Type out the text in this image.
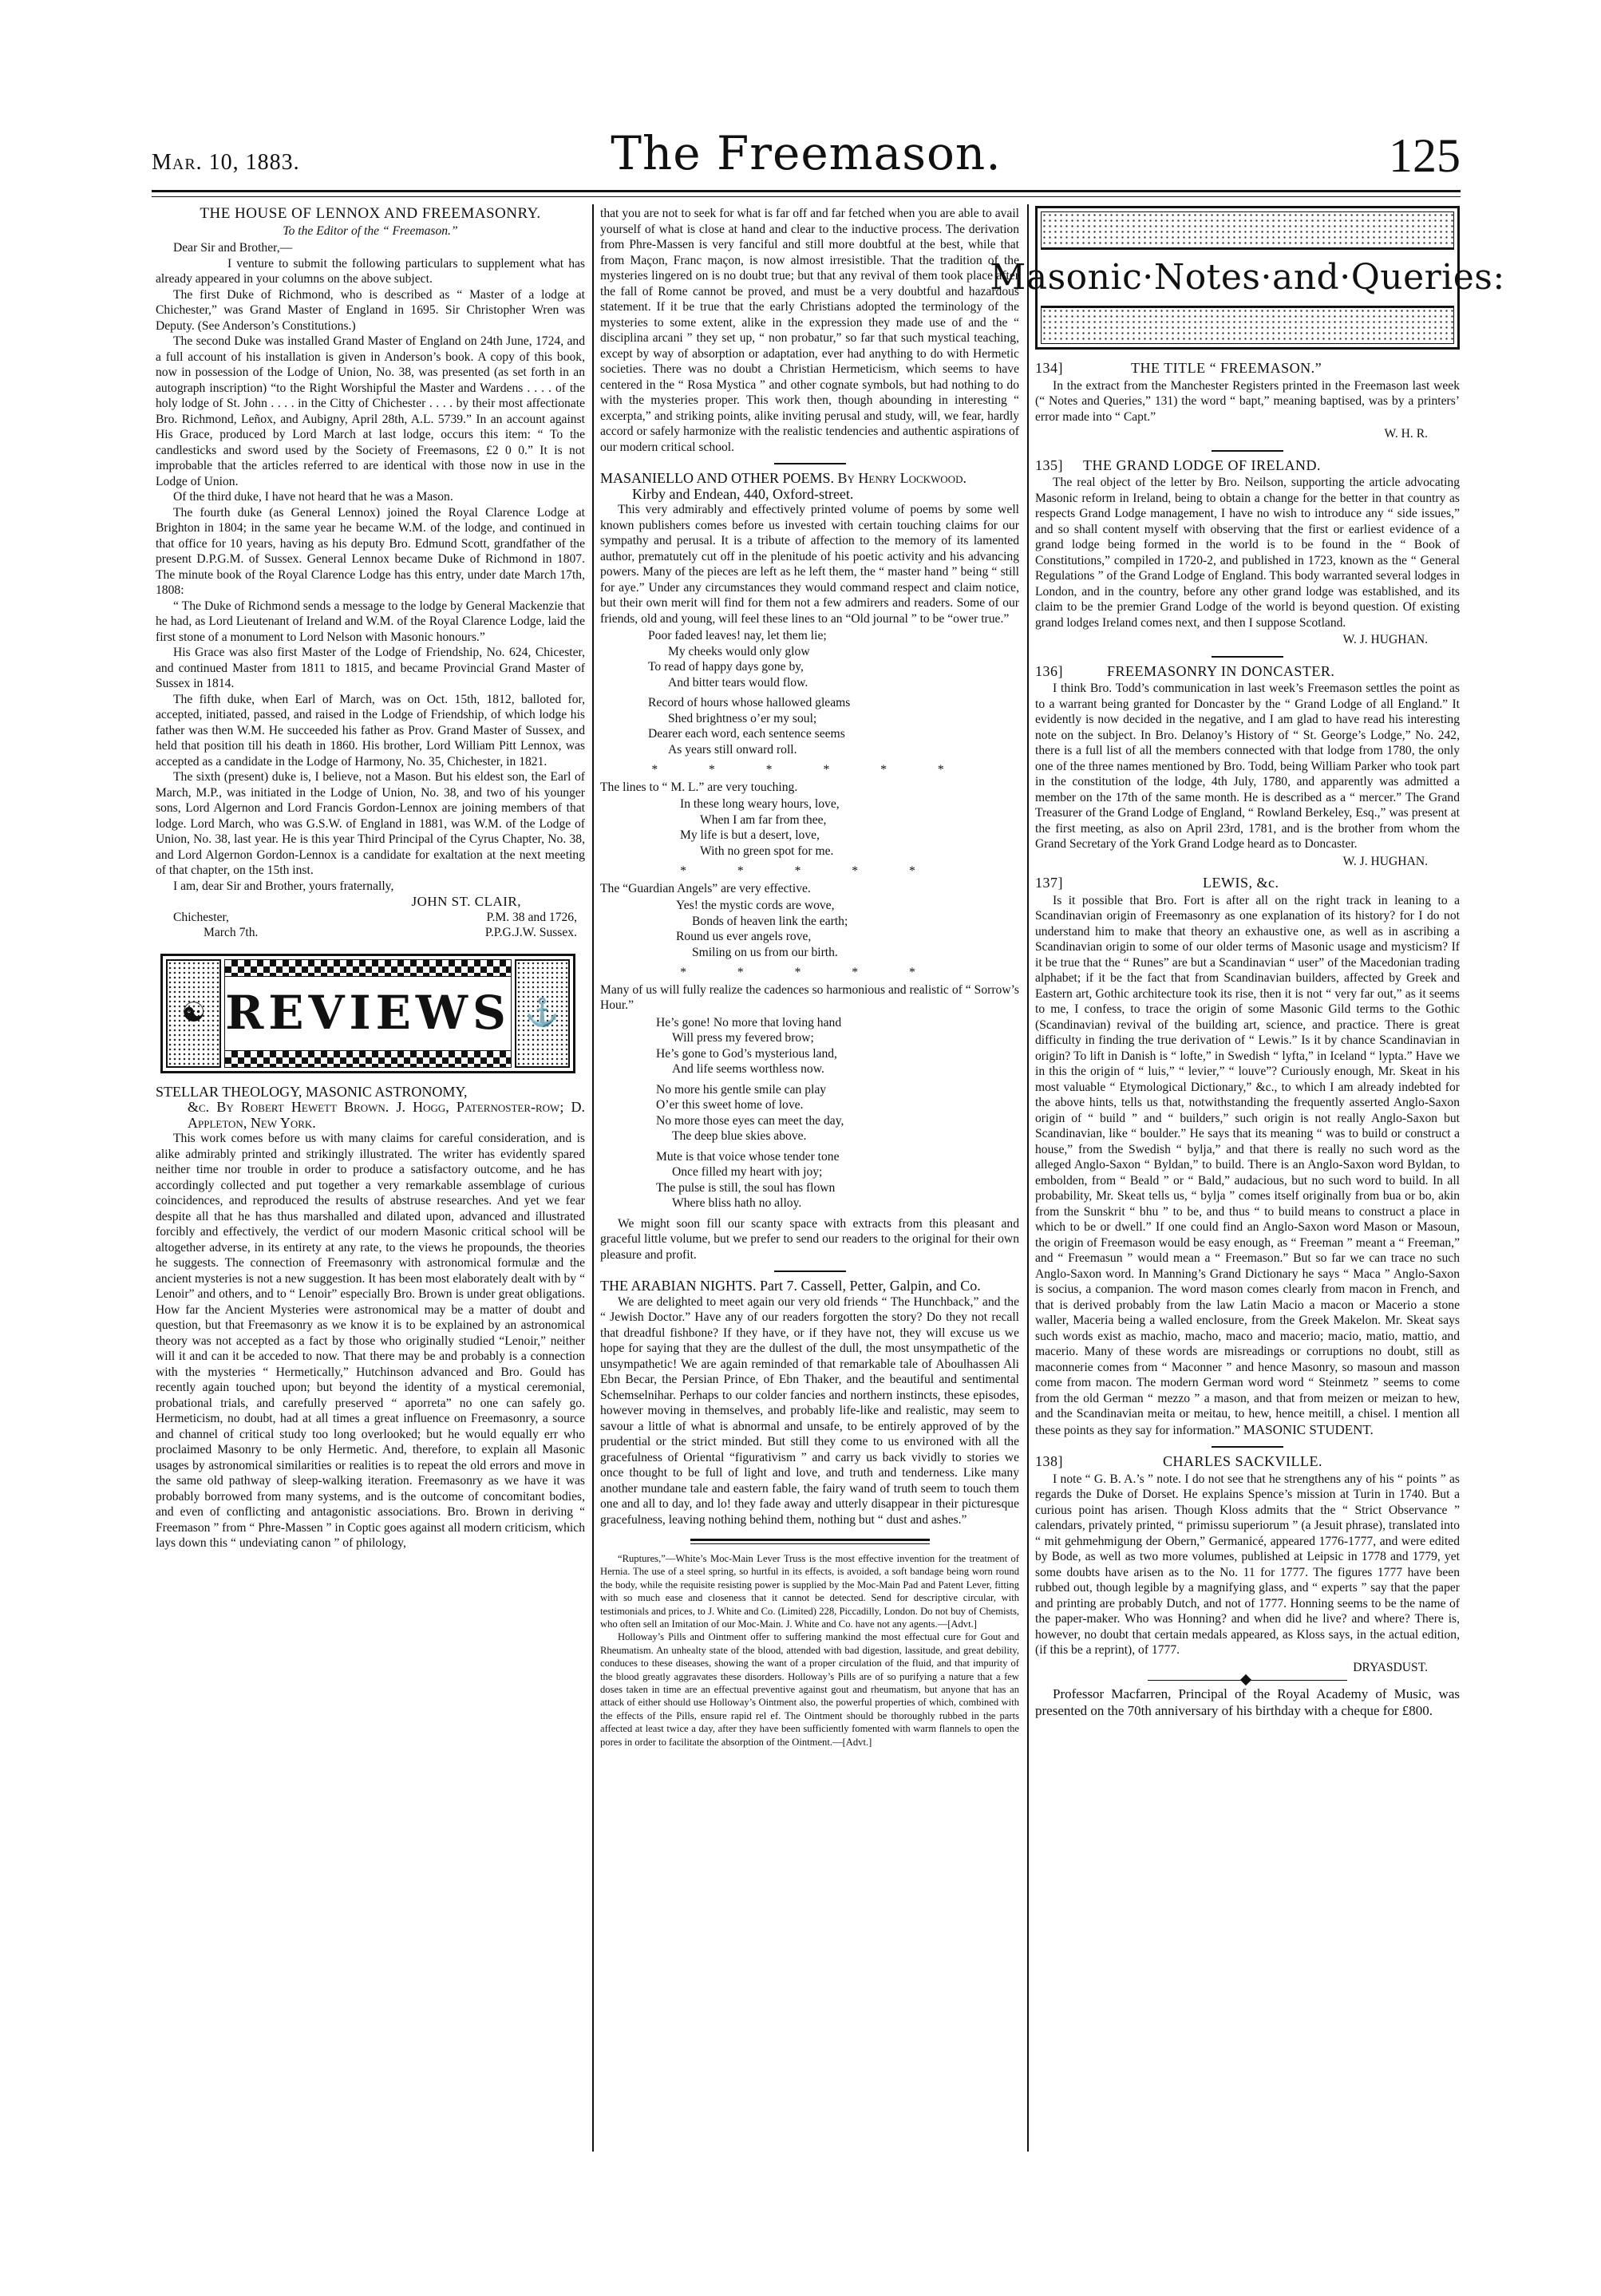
Mar. 10, 1883.	The Freemason.	125
THE HOUSE OF LENNOX AND FREEMASONRY.
To the Editor of the “ Freemason.”
Dear Sir and Brother,—

I venture to submit the following particulars to supplement what has already appeared in your columns on the above subject.

The first Duke of Richmond, who is described as “ Master of a lodge at Chichester,” was Grand Master of England in 1695. Sir Christopher Wren was Deputy. (See Anderson’s Constitutions.)

The second Duke was installed Grand Master of England on 24th June, 1724, and a full account of his installation is given in Anderson’s book. A copy of this book, now in possession of the Lodge of Union, No. 38, was presented (as set forth in an autograph inscription) “to the Right Worshipful the Master and Wardens . . . . of the holy lodge of St. John . . . . in the Citty of Chichester . . . . by their most affectionate Bro. Richmond, Leñox, and Aubigny, April 28th, A.L. 5739.” In an account against His Grace, produced by Lord March at last lodge, occurs this item: “ To the candlesticks and sword used by the Society of Freemasons, £2 0 0.” It is not improbable that the articles referred to are identical with those now in use in the Lodge of Union.

Of the third duke, I have not heard that he was a Mason.

The fourth duke (as General Lennox) joined the Royal Clarence Lodge at Brighton in 1804; in the same year he became W.M. of the lodge, and continued in that office for 10 years, having as his deputy Bro. Edmund Scott, grandfather of the present D.P.G.M. of Sussex. General Lennox became Duke of Richmond in 1807. The minute book of the Royal Clarence Lodge has this entry, under date March 17th, 1808:

“ The Duke of Richmond sends a message to the lodge by General Mackenzie that he had, as Lord Lieutenant of Ireland and W.M. of the Royal Clarence Lodge, laid the first stone of a monument to Lord Nelson with Masonic honours.”

His Grace was also first Master of the Lodge of Friendship, No. 624, Chicester, and continued Master from 1811 to 1815, and became Provincial Grand Master of Sussex in 1814.

The fifth duke, when Earl of March, was on Oct. 15th, 1812, balloted for, accepted, initiated, passed, and raised in the Lodge of Friendship, of which lodge his father was then W.M. He succeeded his father as Prov. Grand Master of Sussex, and held that position till his death in 1860. His brother, Lord William Pitt Lennox, was accepted as a candidate in the Lodge of Harmony, No. 35, Chichester, in 1821.

The sixth (present) duke is, I believe, not a Mason. But his eldest son, the Earl of March, M.P., was initiated in the Lodge of Union, No. 38, and two of his younger sons, Lord Algernon and Lord Francis Gordon-Lennox are joining members of that lodge. Lord March, who was G.S.W. of England in 1881, was W.M. of the Lodge of Union, No. 38, last year. He is this year Third Principal of the Cyrus Chapter, No. 38, and Lord Algernon Gordon-Lennox is a candidate for exaltation at the next meeting of that chapter, on the 15th inst.

I am, dear Sir and Brother, yours fraternally,

JOHN ST. CLAIR,
Chichester,	P.M. 38 and 1726,
March 7th.	P.P.G.J.W. Sussex.
☯ REVIEWS ⚓

STELLAR THEOLOGY, MASONIC ASTRONOMY,
&c. By Robert Hewett Brown. J. Hogg, Paternoster-row; D. Appleton, New York.

This work comes before us with many claims for careful consideration, and is alike admirably printed and strikingly illustrated. The writer has evidently spared neither time nor trouble in order to produce a satisfactory outcome, and he has accordingly collected and put together a very remarkable assemblage of curious coincidences, and reproduced the results of abstruse researches. And yet we fear despite all that he has thus marshalled and dilated upon, advanced and illustrated forcibly and effectively, the verdict of our modern Masonic critical school will be altogether adverse, in its entirety at any rate, to the views he propounds, the theories he suggests. The connection of Freemasonry with astronomical formulæ and the ancient mysteries is not a new suggestion. It has been most elaborately dealt with by “ Lenoir” and others, and to “ Lenoir” especially Bro. Brown is under great obligations. How far the Ancient Mysteries were astronomical may be a matter of doubt and question, but that Freemasonry as we know it is to be explained by an astronomical theory was not accepted as a fact by those who originally studied “Lenoir,” neither will it and can it be acceded to now. That there may be and probably is a connection with the mysteries “ Hermetically,” Hutchinson advanced and Bro. Gould has recently again touched upon; but beyond the identity of a mystical ceremonial, probational trials, and carefully preserved “ aporreta” no one can safely go. Hermeticism, no doubt, had at all times a great influence on Freemasonry, a source and channel of critical study too long overlooked; but he would equally err who proclaimed Masonry to be only Hermetic. And, therefore, to explain all Masonic usages by astronomical similarities or realities is to repeat the old errors and move in the same old pathway of sleep-walking iteration. Freemasonry as we have it was probably borrowed from many systems, and is the outcome of concomitant bodies, and even of conflicting and antagonistic associations. Bro. Brown in deriving “ Freemason ” from “ Phre-Massen ” in Coptic goes against all modern criticism, which lays down this “ undeviating canon ” of philology,

that you are not to seek for what is far off and far fetched when you are able to avail yourself of what is close at hand and clear to the inductive process. The derivation from Phre-Massen is very fanciful and still more doubtful at the best, while that from Maçon, Franc maçon, is now almost irresistible. That the tradition of the mysteries lingered on is no doubt true; but that any revival of them took place after the fall of Rome cannot be proved, and must be a very doubtful and hazardous statement. If it be true that the early Christians adopted the terminology of the mysteries to some extent, alike in the expression they made use of and the “ disciplina arcani ” they set up, “ non probatur,” so far that such mystical teaching, except by way of absorption or adaptation, ever had anything to do with Hermetic societies. There was no doubt a Christian Hermeticism, which seems to have centered in the “ Rosa Mystica ” and other cognate symbols, but had nothing to do with the mysteries proper. This work then, though abounding in interesting “ excerpta,” and striking points, alike inviting perusal and study, will, we fear, hardly accord or safely harmonize with the realistic tendencies and authentic aspirations of our modern critical school.

MASANIELLO AND OTHER POEMS. By Henry Lockwood.
Kirby and Endean, 440, Oxford-street.

This very admirably and effectively printed volume of poems by some well known publishers comes before us invested with certain touching claims for our sympathy and perusal. It is a tribute of affection to the memory of its lamented author, prematutely cut off in the plenitude of his poetic activity and his advancing powers. Many of the pieces are left as he left them, the “ master hand ” being “ still for aye.” Under any circumstances they would command respect and claim notice, but their own merit will find for them not a few admirers and readers. Some of our friends, old and young, will feel these lines to an “Old journal ” to be “ower true.”

Poor faded leaves! nay, let them lie;
My cheeks would only glow
To read of happy days gone by,
And bitter tears would flow.
Record of hours whose hallowed gleams
Shed brightness o’er my soul;
Dearer each word, each sentence seems
As years still onward roll.
* * * * * *

The lines to “ M. L.” are very touching.

In these long weary hours, love,
When I am far from thee,
My life is but a desert, love,
With no green spot for me.
* * * * *

The “Guardian Angels” are very effective.

Yes! the mystic cords are wove,
Bonds of heaven link the earth;
Round us ever angels rove,
Smiling on us from our birth.
* * * * *

Many of us will fully realize the cadences so harmonious and realistic of “ Sorrow’s Hour.”

He’s gone! No more that loving hand
Will press my fevered brow;
He’s gone to God’s mysterious land,
And life seems worthless now.
No more his gentle smile can play
O’er this sweet home of love.
No more those eyes can meet the day,
The deep blue skies above.
Mute is that voice whose tender tone
Once filled my heart with joy;
The pulse is still, the soul has flown
Where bliss hath no alloy.

We might soon fill our scanty space with extracts from this pleasant and graceful little volume, but we prefer to send our readers to the original for their own pleasure and profit.

THE ARABIAN NIGHTS. Part 7. Cassell, Petter, Galpin, and Co.

We are delighted to meet again our very old friends “ The Hunchback,” and the “ Jewish Doctor.” Have any of our readers forgotten the story? Do they not recall that dreadful fishbone? If they have, or if they have not, they will excuse us we hope for saying that they are the dullest of the dull, the most unsympathetic of the unsympathetic! We are again reminded of that remarkable tale of Aboulhassen Ali Ebn Becar, the Persian Prince, of Ebn Thaker, and the beautiful and sentimental Schemselnihar. Perhaps to our colder fancies and northern instincts, these episodes, however moving in themselves, and probably life-like and realistic, may seem to savour a little of what is abnormal and unsafe, to be entirely approved of by the prudential or the strict minded. But still they come to us environed with all the gracefulness of Oriental “figurativism ” and carry us back vividly to stories we once thought to be full of light and love, and truth and tenderness. Like many another mundane tale and eastern fable, the fairy wand of truth seem to touch them one and all to day, and lo! they fade away and utterly disappear in their picturesque gracefulness, leaving nothing behind them, nothing but “ dust and ashes.”

“Ruptures,”—White’s Moc-Main Lever Truss is the most effective invention for the treatment of Hernia. The use of a steel spring, so hurtful in its effects, is avoided, a soft bandage being worn round the body, while the requisite resisting power is supplied by the Moc-Main Pad and Patent Lever, fitting with so much ease and closeness that it cannot be detected. Send for descriptive circular, with testimonials and prices, to J. White and Co. (Limited) 228, Piccadilly, London. Do not buy of Chemists, who often sell an Imitation of our Moc-Main. J. White and Co. have not any agents.—[Advt.]

Holloway’s Pills and Ointment offer to suffering mankind the most effectual cure for Gout and Rheumatism. An unhealty state of the blood, attended with bad digestion, lassitude, and great debility, conduces to these diseases, showing the want of a proper circulation of the fluid, and that impurity of the blood greatly aggravates these disorders. Holloway’s Pills are of so purifying a nature that a few doses taken in time are an effectual preventive against gout and rheumatism, but anyone that has an attack of either should use Holloway’s Ointment also, the powerful properties of which, combined with the effects of the Pills, ensure rapid rel ef. The Ointment should be thoroughly rubbed in the parts affected at least twice a day, after they have been sufficiently fomented with warm flannels to open the pores in order to facilitate the absorption of the Ointment.—[Advt.]

Masonic·Notes·and·Queries:
134]	THE TITLE “ FREEMASON.”

In the extract from the Manchester Registers printed in the Freemason last week (“ Notes and Queries,” 131) the word “ bapt,” meaning baptised, was by a printers’ error made into “ Capt.”

W. H. R.
135] THE GRAND LODGE OF IRELAND.

The real object of the letter by Bro. Neilson, supporting the article advocating Masonic reform in Ireland, being to obtain a change for the better in that country as respects Grand Lodge management, I have no wish to introduce any “ side issues,” and so shall content myself with observing that the first or earliest evidence of a grand lodge being formed in the world is to be found in the “ Book of Constitutions,” compiled in 1720-2, and published in 1723, known as the “ General Regulations ” of the Grand Lodge of England. This body warranted several lodges in London, and in the country, before any other grand lodge was established, and its claim to be the premier Grand Lodge of the world is beyond question. Of existing grand lodges Ireland comes next, and then I suppose Scotland.

W. J. HUGHAN.
136]	FREEMASONRY IN DONCASTER.

I think Bro. Todd’s communication in last week’s Freemason settles the point as to a warrant being granted for Doncaster by the “ Grand Lodge of all England.” It evidently is now decided in the negative, and I am glad to have read his interesting note on the subject. In Bro. Delanoy’s History of “ St. George’s Lodge,” No. 242, there is a full list of all the members connected with that lodge from 1780, the only one of the three names mentioned by Bro. Todd, being William Parker who took part in the constitution of the lodge, 4th July, 1780, and apparently was admitted a member on the 17th of the same month. He is described as a “ mercer.” The Grand Treasurer of the Grand Lodge of England, “ Rowland Berkeley, Esq.,” was present at the first meeting, as also on April 23rd, 1781, and is the brother from whom the Grand Secretary of the York Grand Lodge heard as to Doncaster.

W. J. HUGHAN.
137]	LEWIS, &c.

Is it possible that Bro. Fort is after all on the right track in leaning to a Scandinavian origin of Freemasonry as one explanation of its history? for I do not understand him to make that theory an exhaustive one, as well as in ascribing a Scandinavian origin to some of our older terms of Masonic usage and mysticism? If it be true that the “ Runes” are but a Scandinavian “ user” of the Macedonian trading alphabet; if it be the fact that from Scandinavian builders, affected by Greek and Eastern art, Gothic architecture took its rise, then it is not “ very far out,” as it seems to me, I confess, to trace the origin of some Masonic Gild terms to the Gothic (Scandinavian) revival of the building art, science, and practice. There is great difficulty in finding the true derivation of “ Lewis.” Is it by chance Scandinavian in origin? To lift in Danish is “ lofte,” in Swedish “ lyfta,” in Iceland “ lypta.” Have we in this the origin of “ luis,” “ levier,” “ louve”? Curiously enough, Mr. Skeat in his most valuable “ Etymological Dictionary,” &c., to which I am already indebted for the above hints, tells us that, notwithstanding the frequently asserted Anglo-Saxon origin of “ build ” and “ builders,” such origin is not really Anglo-Saxon but Scandinavian, like “ boulder.” He says that its meaning “ was to build or construct a house,” from the Swedish “ bylja,” and that there is really no such word as the alleged Anglo-Saxon “ Byldan,” to build. There is an Anglo-Saxon word Byldan, to embolden, from “ Beald ” or “ Bald,” audacious, but no such word to build. In all probability, Mr. Skeat tells us, “ bylja ” comes itself originally from bua or bo, akin from the Sunskrit “ bhu ” to be, and thus “ to build means to construct a place in which to be or dwell.” If one could find an Anglo-Saxon word Mason or Masoun, the origin of Freemason would be easy enough, as “ Freeman ” meant a “ Freeman,” and “ Freemasun ” would mean a “ Freemason.” But so far we can trace no such Anglo-Saxon word. In Manning’s Grand Dictionary he says “ Maca ” Anglo-Saxon is socius, a companion. The word mason comes clearly from macon in French, and that is derived probably from the law Latin Macio a macon or Macerio a stone waller, Maceria being a walled enclosure, from the Greek Makelon. Mr. Skeat says such words exist as machio, macho, maco and macerio; macio, matio, mattio, and macerio. Many of these words are misreadings or corruptions no doubt, still as maconnerie comes from “ Maconner ” and hence Masonry, so masoun and masson come from macon. The modern German word word “ Steinmetz ” seems to come from the old German “ mezzo ” a mason, and that from meizen or meizan to hew, and the Scandinavian meita or meitau, to hew, hence meitill, a chisel. I mention all these points as they say for information.” MASONIC STUDENT.

138]	CHARLES SACKVILLE.

I note “ G. B. A.’s ” note. I do not see that he strengthens any of his “ points ” as regards the Duke of Dorset. He explains Spence’s mission at Turin in 1740. But a curious point has arisen. Though Kloss admits that the “ Strict Observance ” calendars, privately printed, “ primissu superiorum ” (a Jesuit phrase), translated into “ mit gehmehmigung der Obern,” Germanicé, appeared 1776-1777, and were edited by Bode, as well as two more volumes, published at Leipsic in 1778 and 1779, yet some doubts have arisen as to the No. 11 for 1777. The figures 1777 have been rubbed out, though legible by a magnifying glass, and “ experts ” say that the paper and printing are probably Dutch, and not of 1777. Honning seems to be the name of the paper-maker. Who was Honning? and when did he live? and where? There is, however, no doubt that certain medals appeared, as Kloss says, in the actual edition, (if this be a reprint), of 1777.

DRYASDUST.

Professor Macfarren, Principal of the Royal Academy of Music, was presented on the 70th anniversary of his birthday with a cheque for £800.
